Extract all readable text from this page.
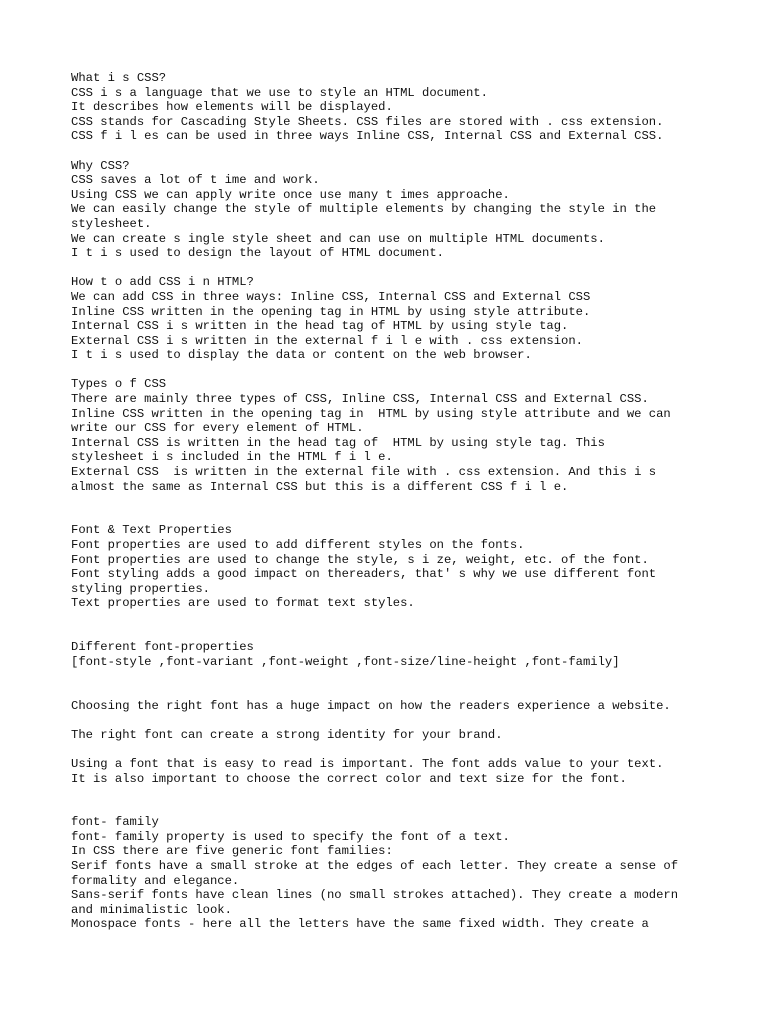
What i s CSS?
CSS i s a language that we use to style an HTML document.
It describes how elements will be displayed.
CSS stands for Cascading Style Sheets. CSS files are stored with . css extension.
CSS f i l es can be used in three ways Inline CSS, Internal CSS and External CSS.
Why CSS?
CSS saves a lot of t ime and work.
Using CSS we can apply write once use many t imes approache.
We can easily change the style of multiple elements by changing the style in the
stylesheet.
We can create s ingle style sheet and can use on multiple HTML documents.
I t i s used to design the layout of HTML document.
How t o add CSS i n HTML?
We can add CSS in three ways: Inline CSS, Internal CSS and External CSS
Inline CSS written in the opening tag in HTML by using style attribute.
Internal CSS i s written in the head tag of HTML by using style tag.
External CSS i s written in the external f i l e with . css extension.
I t i s used to display the data or content on the web browser.
Types o f CSS
There are mainly three types of CSS, Inline CSS, Internal CSS and External CSS.
Inline CSS written in the opening tag in  HTML by using style attribute and we can
write our CSS for every element of HTML.
Internal CSS is written in the head tag of  HTML by using style tag. This
stylesheet i s included in the HTML f i l e.
External CSS  is written in the external file with . css extension. And this i s
almost the same as Internal CSS but this is a different CSS f i l e.
Font & Text Properties
Font properties are used to add different styles on the fonts.
Font properties are used to change the style, s i ze, weight, etc. of the font.
Font styling adds a good impact on thereaders, that' s why we use different font
styling properties.
Text properties are used to format text styles.
Different font-properties
[font-style ,font-variant ,font-weight ,font-size/line-height ,font-family]
Choosing the right font has a huge impact on how the readers experience a website.
The right font can create a strong identity for your brand.
Using a font that is easy to read is important. The font adds value to your text.
It is also important to choose the correct color and text size for the font.
font- family
font- family property is used to specify the font of a text.
In CSS there are five generic font families:
Serif fonts have a small stroke at the edges of each letter. They create a sense of
formality and elegance.
Sans-serif fonts have clean lines (no small strokes attached). They create a modern
and minimalistic look.
Monospace fonts - here all the letters have the same fixed width. They create a
